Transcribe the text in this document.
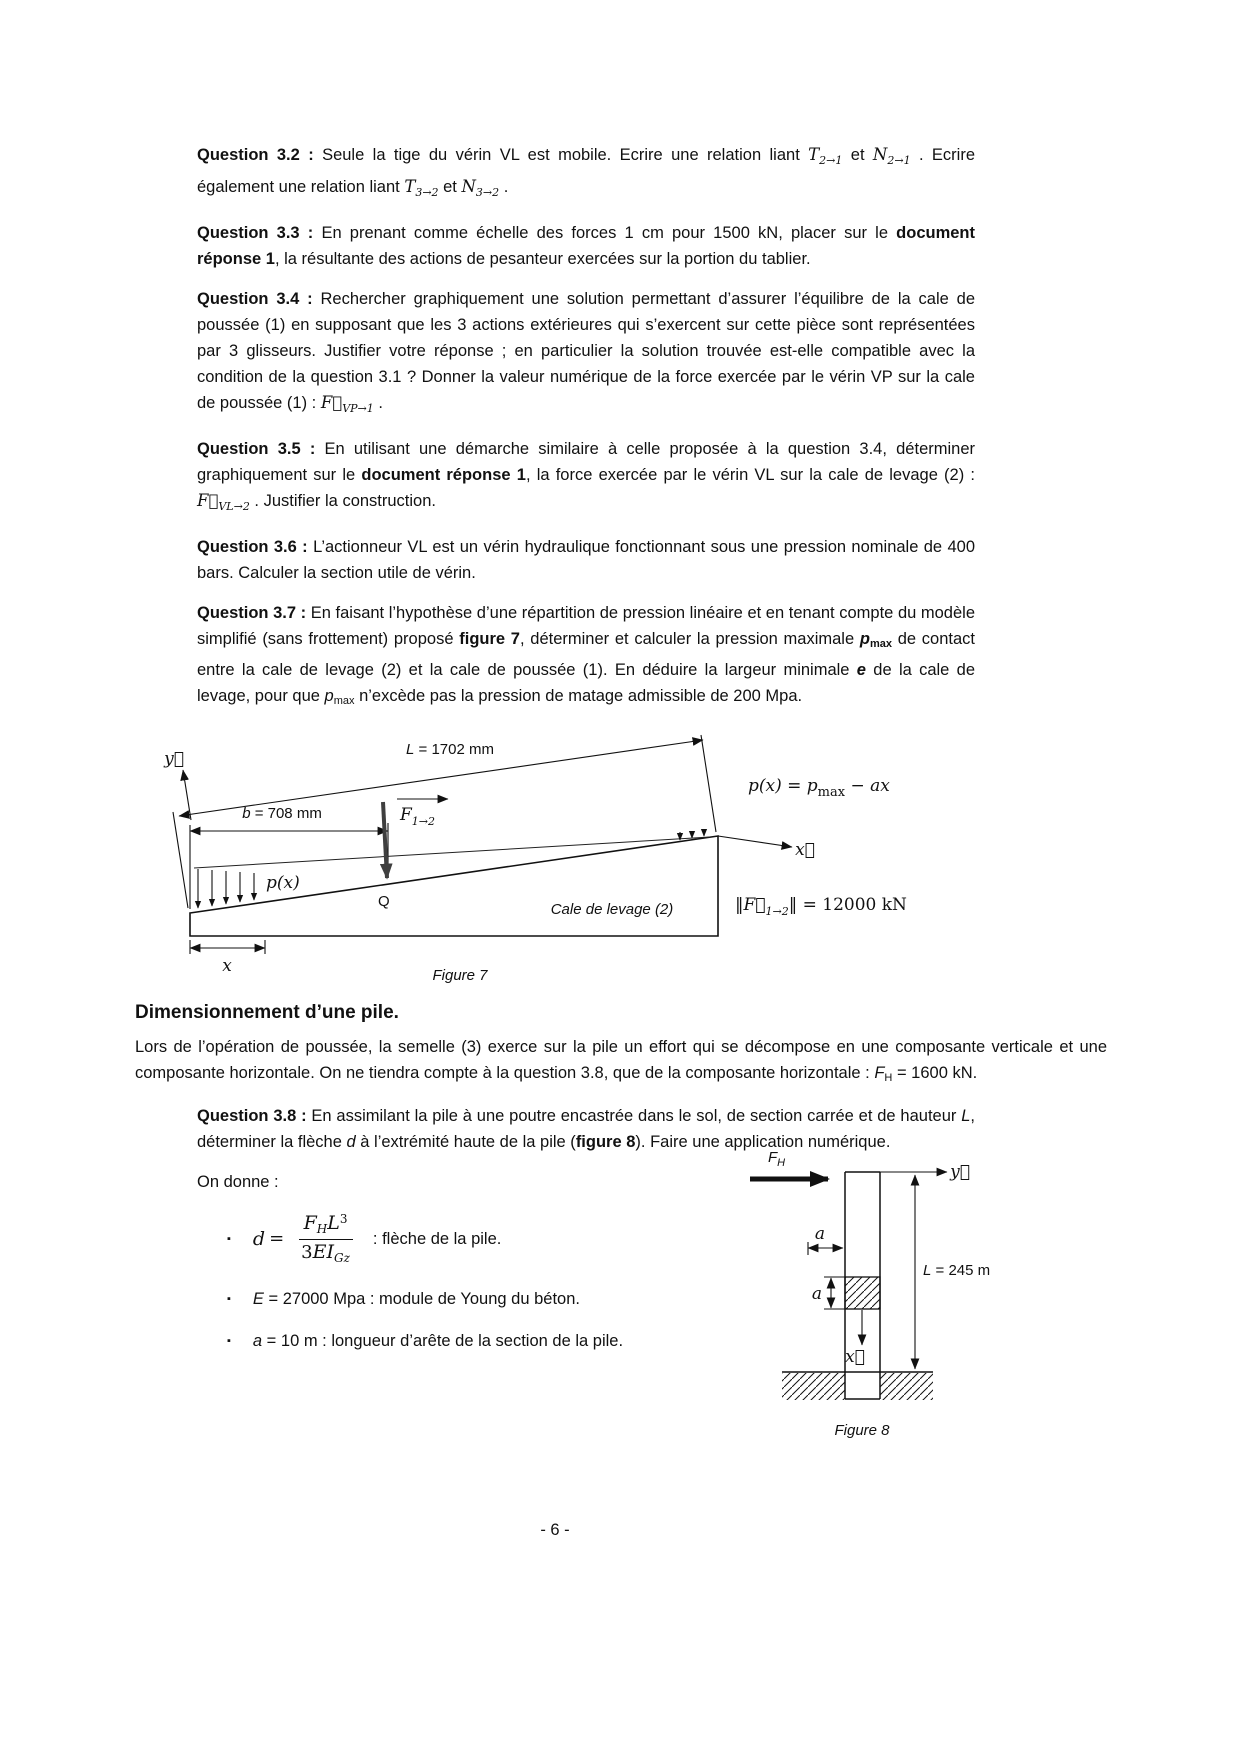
Question 3.2 : Seule la tige du vérin VL est mobile. Ecrire une relation liant $T_{2\to 1}$ et $N_{2\to 1}$ . Ecrire également une relation liant $T_{3\to 2}$ et $N_{3\to 2}$ .

Question 3.3 : En prenant comme échelle des forces 1 cm pour 1500 kN, placer sur le document réponse 1, la résultante des actions de pesanteur exercées sur la portion du tablier.

Question 3.4 : Rechercher graphiquement une solution permettant d’assurer l’équilibre de la cale de poussée (1) en supposant que les 3 actions extérieures qui s’exercent sur cette pièce sont représentées par 3 glisseurs. Justifier votre réponse ; en particulier la solution trouvée est-elle compatible avec la condition de la question 3.1 ? Donner la valeur numérique de la force exercée par le vérin VP sur la cale de poussée (1) : $F⃗_{VP\to 1}$ .

Question 3.5 : En utilisant une démarche similaire à celle proposée à la question 3.4, déterminer graphiquement sur le document réponse 1, la force exercée par le vérin VL sur la cale de levage (2) : $F⃗_{VL\to 2}$ . Justifier la construction.

Question 3.6 : L’actionneur VL est un vérin hydraulique fonctionnant sous une pression nominale de 400 bars. Calculer la section utile de vérin.

Question 3.7 : En faisant l’hypothèse d’une répartition de pression linéaire et en tenant compte du modèle simplifié (sans frottement) proposé figure 7, déterminer et calculer la pression maximale pmax de contact entre la cale de levage (2) et la cale de poussée (1). En déduire la largeur minimale e de la cale de levage, pour que pmax n’excède pas la pression de matage admissible de 200 Mpa.

L = 1702 mm
y⃗
b = 708 mm
p(x)
$F_{1\to 2}$
Q	Cale de levage (2)
x⃗
x
$p(x) = p_{max}$ − ax
$‖F⃗_{1\to 2}‖ = 12000$ kN
Figure 7
Dimensionnement d’une pile.

Lors de l’opération de poussée, la semelle (3) exerce sur la pile un effort qui se décompose en une composante verticale et une composante horizontale. On ne tiendra compte à la question 3.8, que de la composante horizontale : FH = 1600 kN.

Question 3.8 : En assimilant la pile à une poutre encastrée dans le sol, de section carrée et de hauteur L, déterminer la flèche d à l’extrémité haute de la pile (figure 8). Faire une application numérique.

On donne :

▪ $d = \frac{F_HL^3}{3EI_{Gz}}$ : flèche de la pile.
▪ E = 27000 Mpa : module de Young du béton.
▪ a = 10 m : longueur d’arête de la section de la pile.
$F_H$	y⃗
L = 245 m
a
a
x⃗
Figure 8
- 6 -
